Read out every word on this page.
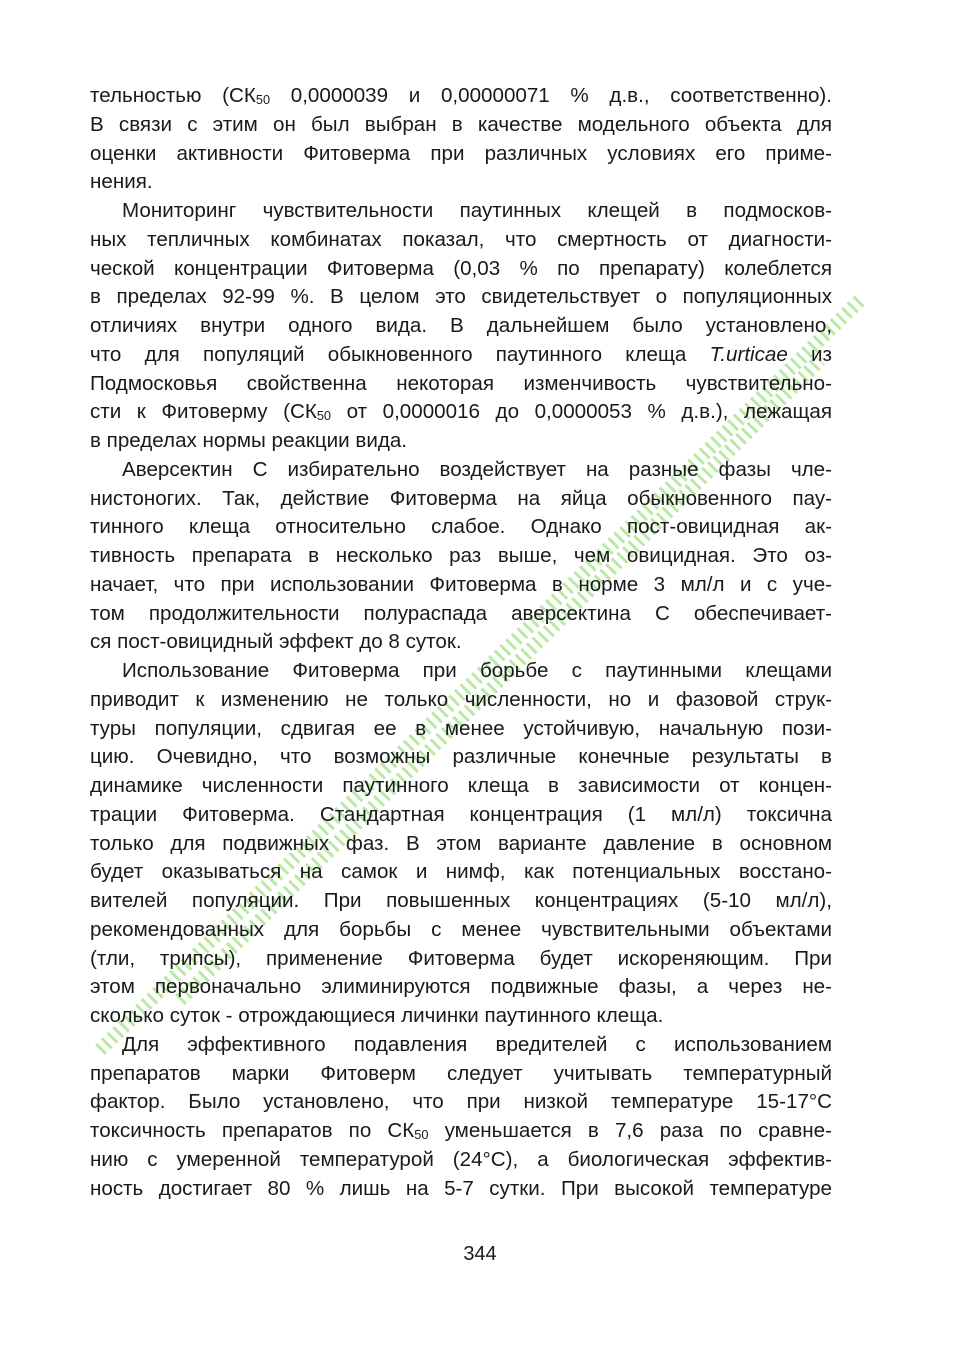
тельностью ($СК_{50}$ 0,0000039 и 0,00000071 % д.в., соответственно).
В связи с этим он был выбран в качестве модельного объекта для
оценки активности Фитоверма при различных условиях его приме-
нения.
Мониторинг чувствительности паутинных клещей в подмосков-
ных тепличных комбинатах показал, что смертность от диагности-
ческой концентрации Фитоверма (0,03 % по препарату) колеблется
в пределах 92-99 %. В целом это свидетельствует о популяционных
отличиях внутри одного вида. В дальнейшем было установлено,
что для популяций обыкновенного паутинного клеща T.urticae из
Подмосковья свойственна некоторая изменчивость чувствительно-
сти к Фитоверму ($СК_{50}$ от 0,0000016 до 0,0000053 % д.в.), лежащая
в пределах нормы реакции вида.
Аверсектин С избирательно воздействует на разные фазы чле-
нистоногих. Так, действие Фитоверма на яйца обыкновенного пау-
тинного клеща относительно слабое. Однако пост-овицидная ак-
тивность препарата в несколько раз выше, чем овицидная. Это оз-
начает, что при использовании Фитоверма в норме 3 мл/л и с уче-
том продолжительности полураспада аверсектина С обеспечивает-
ся пост-овицидный эффект до 8 суток.
Использование Фитоверма при борьбе с паутинными клещами
приводит к изменению не только численности, но и фазовой струк-
туры популяции, сдвигая ее в менее устойчивую, начальную пози-
цию. Очевидно, что возможны различные конечные результаты в
динамике численности паутинного клеща в зависимости от концен-
трации Фитоверма. Стандартная концентрация (1 мл/л) токсична
только для подвижных фаз. В этом варианте давление в основном
будет оказываться на самок и нимф, как потенциальных восстано-
вителей популяции. При повышенных концентрациях (5-10 мл/л),
рекомендованных для борьбы с менее чувствительными объектами
(тли, трипсы), применение Фитоверма будет искореняющим. При
этом первоначально элиминируются подвижные фазы, а через не-
сколько суток - отрождающиеся личинки паутинного клеща.
Для эффективного подавления вредителей с использованием
препаратов марки Фитоверм следует учитывать температурный
фактор. Было установлено, что при низкой температуре 15-17°С
токсичность препаратов по $СК_{50}$ уменьшается в 7,6 раза по сравне-
нию с умеренной температурой (24°С), а биологическая эффектив-
ность достигает 80 % лишь на 5-7 сутки. При высокой температуре
344
